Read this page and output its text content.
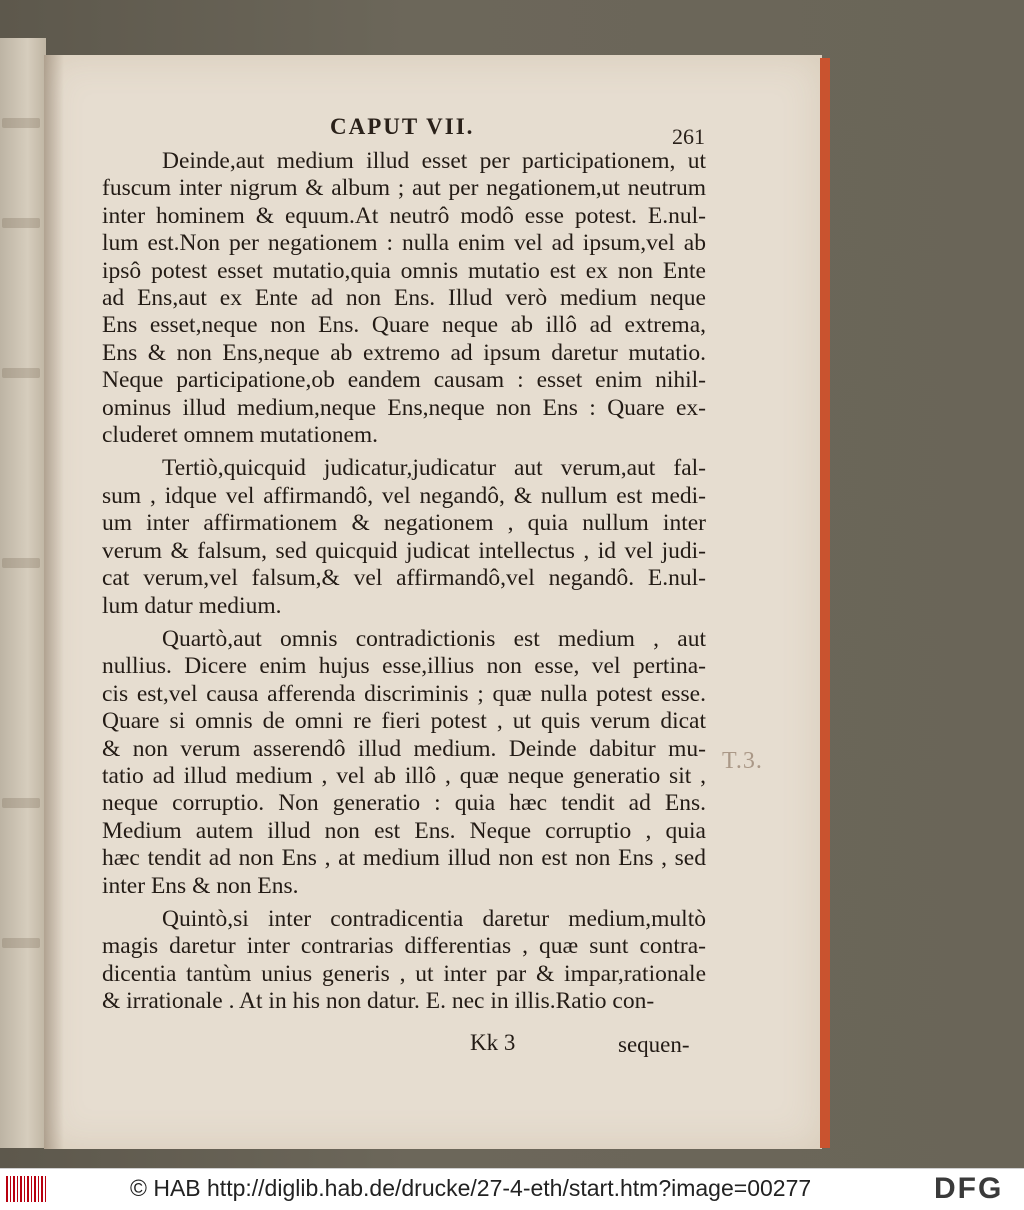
CAPUT VII.	261
T.3.
Deinde,aut medium illud esset per participationem, ut
fuscum inter nigrum & album ; aut per negationem,ut neutrum
inter hominem & equum.At neutrô modô esse potest. E.nul-
lum est.Non per negationem : nulla enim vel ad ipsum,vel ab
ipsô potest esset mutatio,quia omnis mutatio est ex non Ente
ad Ens,aut ex Ente ad non Ens. Illud verò medium neque
Ens esset,neque non Ens. Quare neque ab illô ad extrema,
Ens & non Ens,neque ab extremo ad ipsum daretur mutatio.
Neque participatione,ob eandem causam : esset enim nihil-
ominus illud medium,neque Ens,neque non Ens : Quare ex-
cluderet omnem mutationem.
Tertiò,quicquid judicatur,judicatur aut verum,aut fal-
sum , idque vel affirmandô, vel negandô, & nullum est medi-
um inter affirmationem & negationem , quia nullum inter
verum & falsum, sed quicquid judicat intellectus , id vel judi-
cat verum,vel falsum,& vel affirmandô,vel negandô. E.nul-
lum datur medium.
Quartò,aut omnis contradictionis est medium , aut
nullius. Dicere enim hujus esse,illius non esse, vel pertina-
cis est,vel causa afferenda discriminis ; quæ nulla potest esse.
Quare si omnis de omni re fieri potest , ut quis verum dicat
& non verum asserendô illud medium. Deinde dabitur mu-
tatio ad illud medium , vel ab illô , quæ neque generatio sit ,
neque corruptio. Non generatio : quia hæc tendit ad Ens.
Medium autem illud non est Ens. Neque corruptio , quia
hæc tendit ad non Ens , at medium illud non est non Ens , sed
inter Ens & non Ens.
Quintò,si inter contradicentia daretur medium,multò
magis daretur inter contrarias differentias , quæ sunt contra-
dicentia tantùm unius generis , ut inter par & impar,rationale
& irrationale . At in his non datur. E. nec in illis.Ratio con-
Kk 3	sequen-
© HAB http://diglib.hab.de/drucke/27-4-eth/start.htm?image=00277	DFG
